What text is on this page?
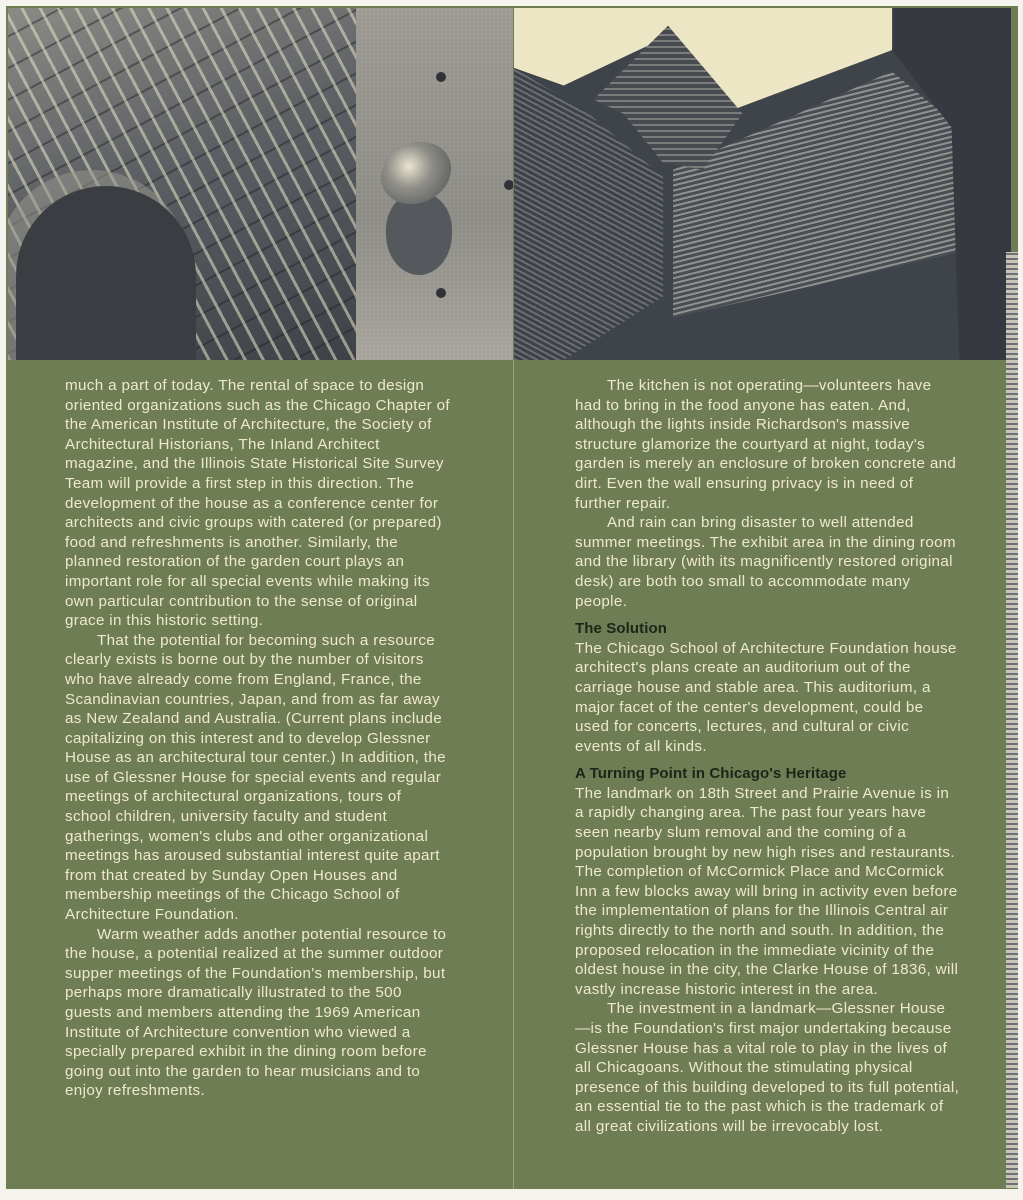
much a part of today. The rental of space to design oriented organizations such as the Chicago Chapter of the American Institute of Architecture, the Society of Architectural Historians, The Inland Architect magazine, and the Illinois State Historical Site Survey Team will provide a first step in this direction. The development of the house as a conference center for architects and civic groups with catered (or prepared) food and refreshments is another. Similarly, the planned restoration of the garden court plays an important role for all special events while making its own particular contribution to the sense of original grace in this historic setting.

That the potential for becoming such a resource clearly exists is borne out by the number of visitors who have already come from England, France, the Scandinavian countries, Japan, and from as far away as New Zealand and Australia. (Current plans include capitalizing on this interest and to develop Glessner House as an architectural tour center.) In addition, the use of Glessner House for special events and regular meetings of architectural organizations, tours of school children, university faculty and student gatherings, women's clubs and other organizational meetings has aroused substantial interest quite apart from that created by Sunday Open Houses and membership meetings of the Chicago School of Architecture Foundation.

Warm weather adds another potential resource to the house, a potential realized at the summer outdoor supper meetings of the Foundation's membership, but perhaps more dramatically illustrated to the 500 guests and members attending the 1969 American Institute of Architecture convention who viewed a specially prepared exhibit in the dining room before going out into the garden to hear musicians and to enjoy refreshments.

The kitchen is not operating—volunteers have had to bring in the food anyone has eaten. And, although the lights inside Richardson's massive structure glamorize the courtyard at night, today's garden is merely an enclosure of broken concrete and dirt. Even the wall ensuring privacy is in need of further repair.

And rain can bring disaster to well attended summer meetings. The exhibit area in the dining room and the library (with its magnificently restored original desk) are both too small to accommodate many people.

The Solution

The Chicago School of Architecture Foundation house architect's plans create an auditorium out of the carriage house and stable area. This auditorium, a major facet of the center's development, could be used for concerts, lectures, and cultural or civic events of all kinds.

A Turning Point in Chicago's Heritage

The landmark on 18th Street and Prairie Avenue is in a rapidly changing area. The past four years have seen nearby slum removal and the coming of a population brought by new high rises and restaurants. The completion of McCormick Place and McCormick Inn a few blocks away will bring in activity even before the implementation of plans for the Illinois Central air rights directly to the north and south. In addition, the proposed relocation in the immediate vicinity of the oldest house in the city, the Clarke House of 1836, will vastly increase historic interest in the area.

The investment in a landmark—Glessner House—is the Foundation's first major undertaking because Glessner House has a vital role to play in the lives of all Chicagoans. Without the stimulating physical presence of this building developed to its full potential, an essential tie to the past which is the trademark of all great civilizations will be irrevocably lost.
